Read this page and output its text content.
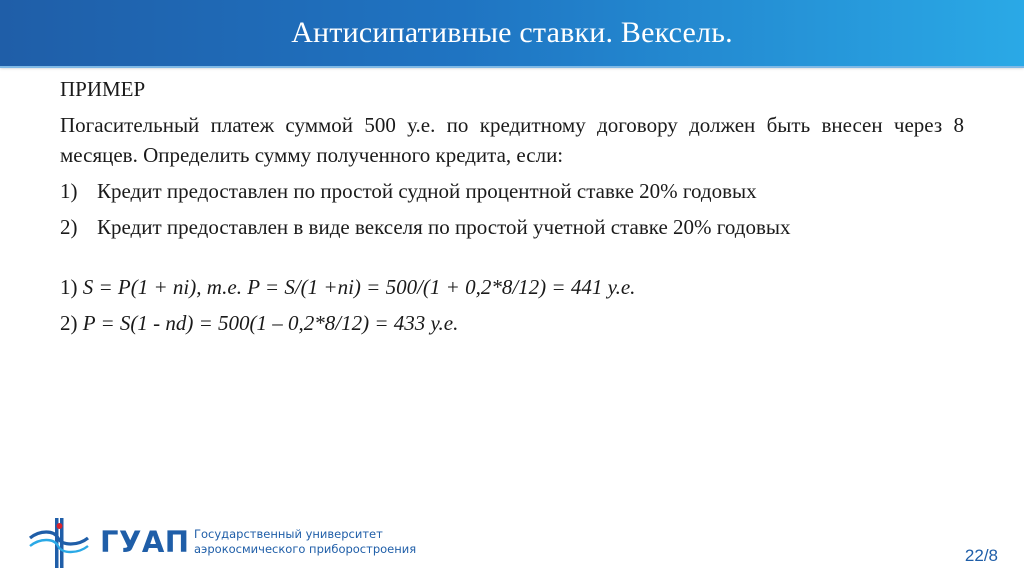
Антисипативные ставки. Вексель.
ПРИМЕР
Погасительный платеж суммой 500 у.е. по кредитному договору должен быть внесен через 8 месяцев. Определить сумму полученного кредита, если:
1) Кредит предоставлен по простой судной процентной ставке 20% годовых
2) Кредит предоставлен в виде векселя по простой учетной ставке 20% годовых
1) S = P(1 + ni), т.е. P = S/(1 +ni) = 500/(1 + 0,2*8/12) = 441 у.е.
2) P = S(1 - nd) = 500(1 – 0,2*8/12) = 433 у.е.
ГУАП Государственный университет
аэрокосмического приборостроения	22/8
